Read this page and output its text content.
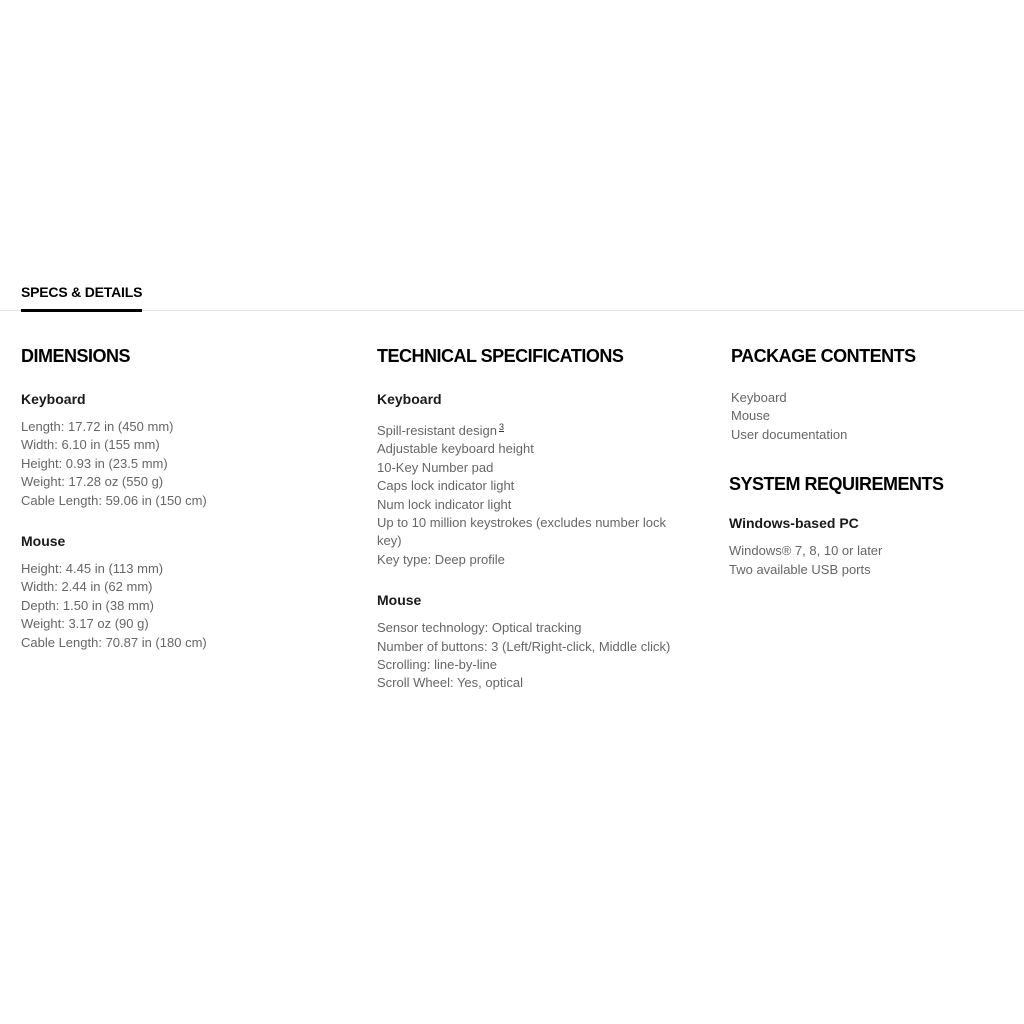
SPECS & DETAILS
DIMENSIONS
Keyboard
Length: 17.72 in (450 mm)
Width: 6.10 in (155 mm)
Height: 0.93 in (23.5 mm)
Weight: 17.28 oz (550 g)
Cable Length: 59.06 in (150 cm)
Mouse
Height: 4.45 in (113 mm)
Width: 2.44 in (62 mm)
Depth: 1.50 in (38 mm)
Weight: 3.17 oz (90 g)
Cable Length: 70.87 in (180 cm)
TECHNICAL SPECIFICATIONS
Keyboard
Spill-resistant design $^3$
Adjustable keyboard height
10-Key Number pad
Caps lock indicator light
Num lock indicator light
Up to 10 million keystrokes (excludes number lock key)
Key type: Deep profile
Mouse
Sensor technology: Optical tracking
Number of buttons: 3 (Left/Right-click, Middle click)
Scrolling: line-by-line
Scroll Wheel: Yes, optical
PACKAGE CONTENTS
Keyboard
Mouse
User documentation
SYSTEM REQUIREMENTS
Windows-based PC
Windows® 7, 8, 10 or later
Two available USB ports
